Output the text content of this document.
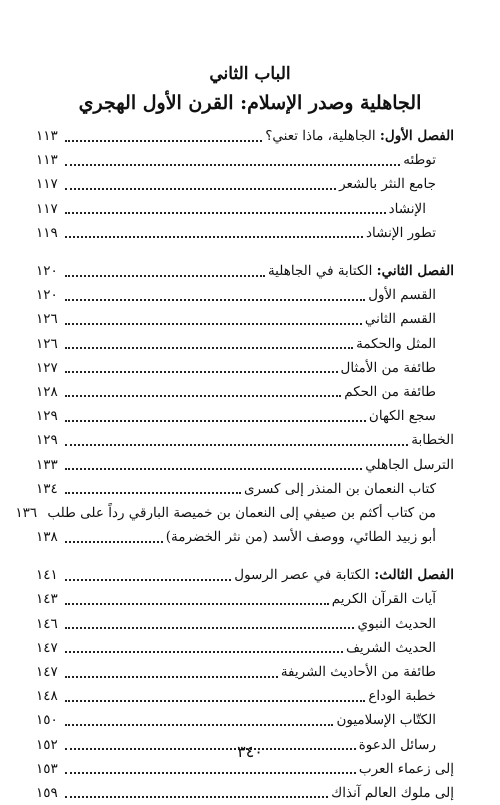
الباب الثاني
الجاهلية وصدر الإسلام: القرن الأول الهجري
الفصل الأول: الجاهلية، ماذا تعني؟
١١٣
توطئه
١١٣
جامع النثر بالشعر
١١٧
الإنشاد
١١٧
تطور الإنشاد
١١٩
الفصل الثاني: الكتابة في الجاهلية
١٢٠
القسم الأول
١٢٠
القسم الثاني
١٢٦
المثل والحكمة
١٢٦
طائفة من الأمثال
١٢٧
طائفة من الحكم
١٢٨
سجع الكهان
١٢٩
الخطابة
١٢٩
الترسل الجاهلي
١٣٣
كتاب النعمان بن المنذر إلى كسرى
١٣٤
من كتاب أكثم بن صيفي إلى النعمان بن خميصة البارقي رداً على طلب
١٣٦
أبو زبيد الطائي، ووصف الأسد (من نثر الخضرمة)
١٣٨
الفصل الثالث: الكتابة في عصر الرسول
١٤١
آيات القرآن الكريم
١٤٣
الحديث النبوي
١٤٦
الحديث الشريف
١٤٧
طائفة من الأحاديث الشريفة
١٤٧
خطبة الوداع
١٤٨
الكتّاب الإسلاميون
١٥٠
رسائل الدعوة
١٥٢
إلى زعماء العرب
١٥٣
إلى ملوك العالم آنذاك
١٥٩
٣٤٠
